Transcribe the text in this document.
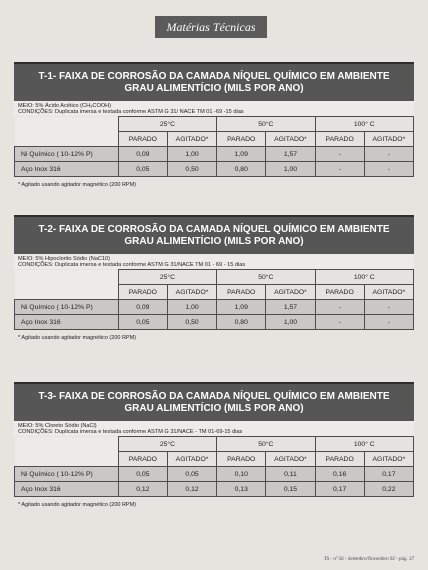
Matérias Técnicas
T-1- FAIXA DE CORROSÃO DA CAMADA NÍQUEL QUÍMICO EM AMBIENTE GRAU ALIMENTÍCIO (MILS POR ANO)
MEIO: 5% Ácido Acético (CH₃COOH)
CONDIÇÕES: Duplicata imersa e testada conforme ASTM G 31/ NACE TM 01 -69 -15 dias
	25°C		50°C		100° C	
	PARADO	AGITADO*	PARADO	AGITADO*	PARADO	AGITADO*
Ni Químico ( 10-12% P)	0,09	1,00	1,09	1,57	-	-
Aço Inox 316	0,05	0,50	0,80	1,00	-	-
* Agitado usando agitador magnético (200 RPM)
T-2- FAIXA DE CORROSÃO DA CAMADA NÍQUEL QUÍMICO EM AMBIENTE GRAU ALIMENTÍCIO (MILS POR ANO)
MEIO: 5% Hipoclorito Sódio (NaC10)
CONDIÇÕES: Duplicata imersa e testada conforme ASTM G 31/NACE TM 01 - 69 - 15 dias
	25°C		50°C		100° C	
	PARADO	AGITADO*	PARADO	AGITADO*	PARADO	AGITADO*
Ni Químico ( 10-12% P)	0,09	1,00	1,09	1,57	-	-
Aço Inox 316	0,05	0,50	0,80	1,00	-	-
* Agitado usando agitador magnético (200 RPM)
T-3- FAIXA DE CORROSÃO DA CAMADA NÍQUEL QUÍMICO EM AMBIENTE GRAU ALIMENTÍCIO (MILS POR ANO)
MEIO: 5% Cloreto Sódio (NaCl)
CONDIÇÕES: Duplicata imersa e testada conforme ASTM G 31/NACE - TM 01-69-15 dias
	25°C		50°C		100° C	
	PARADO	AGITADO*	PARADO	AGITADO*	PARADO	AGITADO*
Ni Químico ( 10-12% P)	0,05	0,05	0,10	0,11	0,16	0,17
Aço Inox 316	0,12	0,12	0,13	0,15	0,17	0,22
* Agitado usando agitador magnético (200 RPM)
TS - nº 56 - Setembro/Novembro 92 - pág. 37
